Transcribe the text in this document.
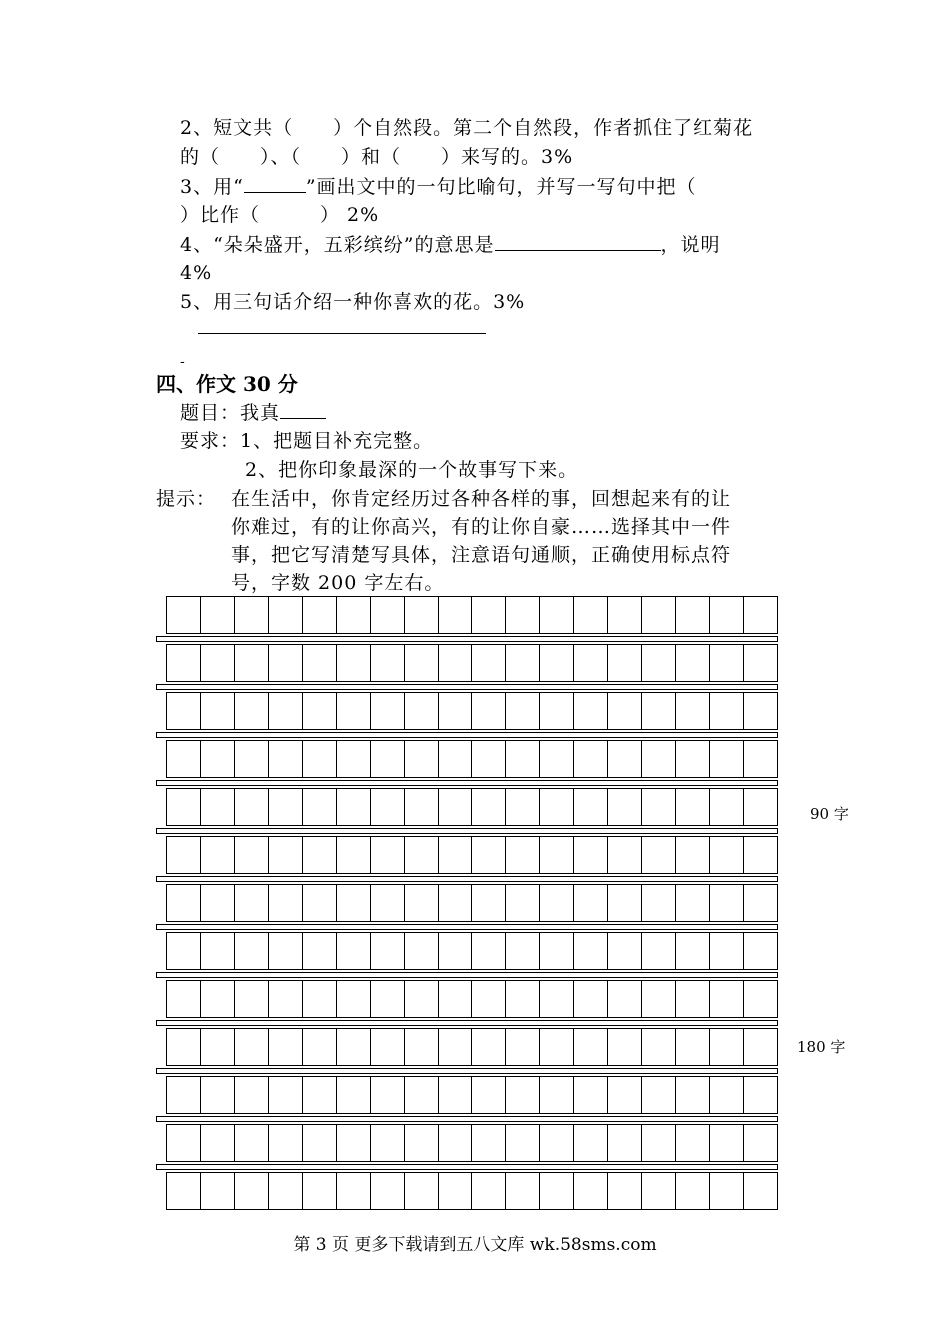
2、短文共（　　）个自然段。第二个自然段，作者抓住了红菊花
的（　　）、（　　）和（　　）来写的。3%
3、用“	”画出文中的一句比喻句，并写一写句中把（
）比作（　　　） 2%
4、“朵朵盛开，五彩缤纷”的意思是	，说明
4%
5、用三句话介绍一种你喜欢的花。3%
-
四、作文 30 分
题目：我真
要求：1、把题目补充完整。
2、把你印象最深的一个故事写下来。
提示： 在生活中，你肯定经历过各种各样的事，回想起来有的让
你难过，有的让你高兴，有的让你自豪……选择其中一件
事，把它写清楚写具体，注意语句通顺，正确使用标点符
号，字数 200 字左右。
90 字
180 字
第 3 页 更多下载请到五八文库 wk.58sms.com
